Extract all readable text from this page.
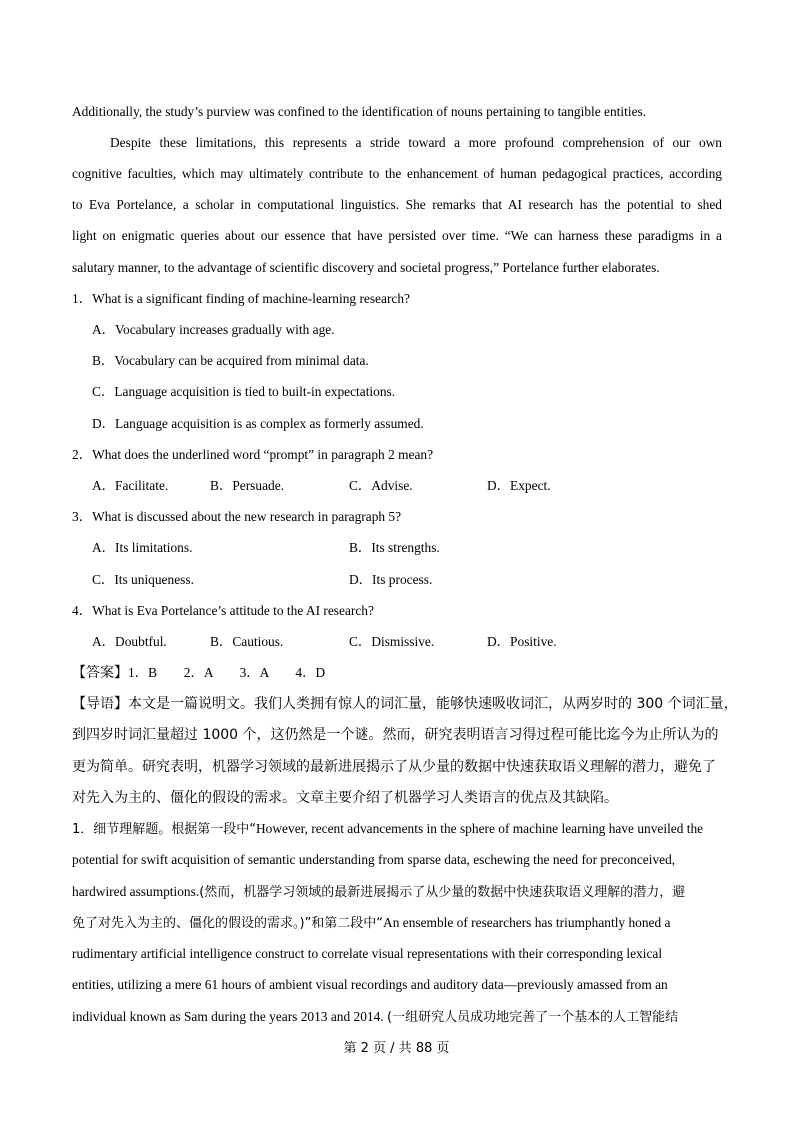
Additionally, the study’s purview was confined to the identification of nouns pertaining to tangible entities.
Despite these limitations, this represents a stride toward a more profound comprehension of our own
cognitive faculties, which may ultimately contribute to the enhancement of human pedagogical practices, according
to Eva Portelance, a scholar in computational linguistics. She remarks that AI research has the potential to shed
light on enigmatic queries about our essence that have persisted over time. “We can harness these paradigms in a
salutary manner, to the advantage of scientific discovery and societal progress,” Portelance further elaborates.
1．What is a significant finding of machine-learning research?
A．Vocabulary increases gradually with age.
B．Vocabulary can be acquired from minimal data.
C．Language acquisition is tied to built-in expectations.
D．Language acquisition is as complex as formerly assumed.
2．What does the underlined word “prompt” in paragraph 2 mean?
A．Facilitate.	B．Persuade.	C．Advise.	D．Expect.
3．What is discussed about the new research in paragraph 5?
A．Its limitations.	B．Its strengths.
C．Its uniqueness.	D．Its process.
4．What is Eva Portelance’s attitude to the AI research?
A．Doubtful.	B．Cautious.	C．Dismissive.	D．Positive.
【答案】1．B　　2．A　　3．A　　4．D
【导语】本文是一篇说明文。我们人类拥有惊人的词汇量，能够快速吸收词汇，从两岁时的 300 个词汇量，
到四岁时词汇量超过 1000 个，这仍然是一个谜。然而，研究表明语言习得过程可能比迄今为止所认为的
更为简单。研究表明，机器学习领域的最新进展揭示了从少量的数据中快速获取语义理解的潜力，避免了
对先入为主的、僵化的假设的需求。文章主要介绍了机器学习人类语言的优点及其缺陷。
1．细节理解题。根据第一段中“However, recent advancements in the sphere of machine learning have unveiled the
potential for swift acquisition of semantic understanding from sparse data, eschewing the need for preconceived,
hardwired assumptions.(然而，机器学习领域的最新进展揭示了从少量的数据中快速获取语义理解的潜力，避
免了对先入为主的、僵化的假设的需求。)”和第二段中“An ensemble of researchers has triumphantly honed a
rudimentary artificial intelligence construct to correlate visual representations with their corresponding lexical
entities, utilizing a mere 61 hours of ambient visual recordings and auditory data—previously amassed from an
individual known as Sam during the years 2013 and 2014. (一组研究人员成功地完善了一个基本的人工智能结
第 2 页 / 共 88 页
